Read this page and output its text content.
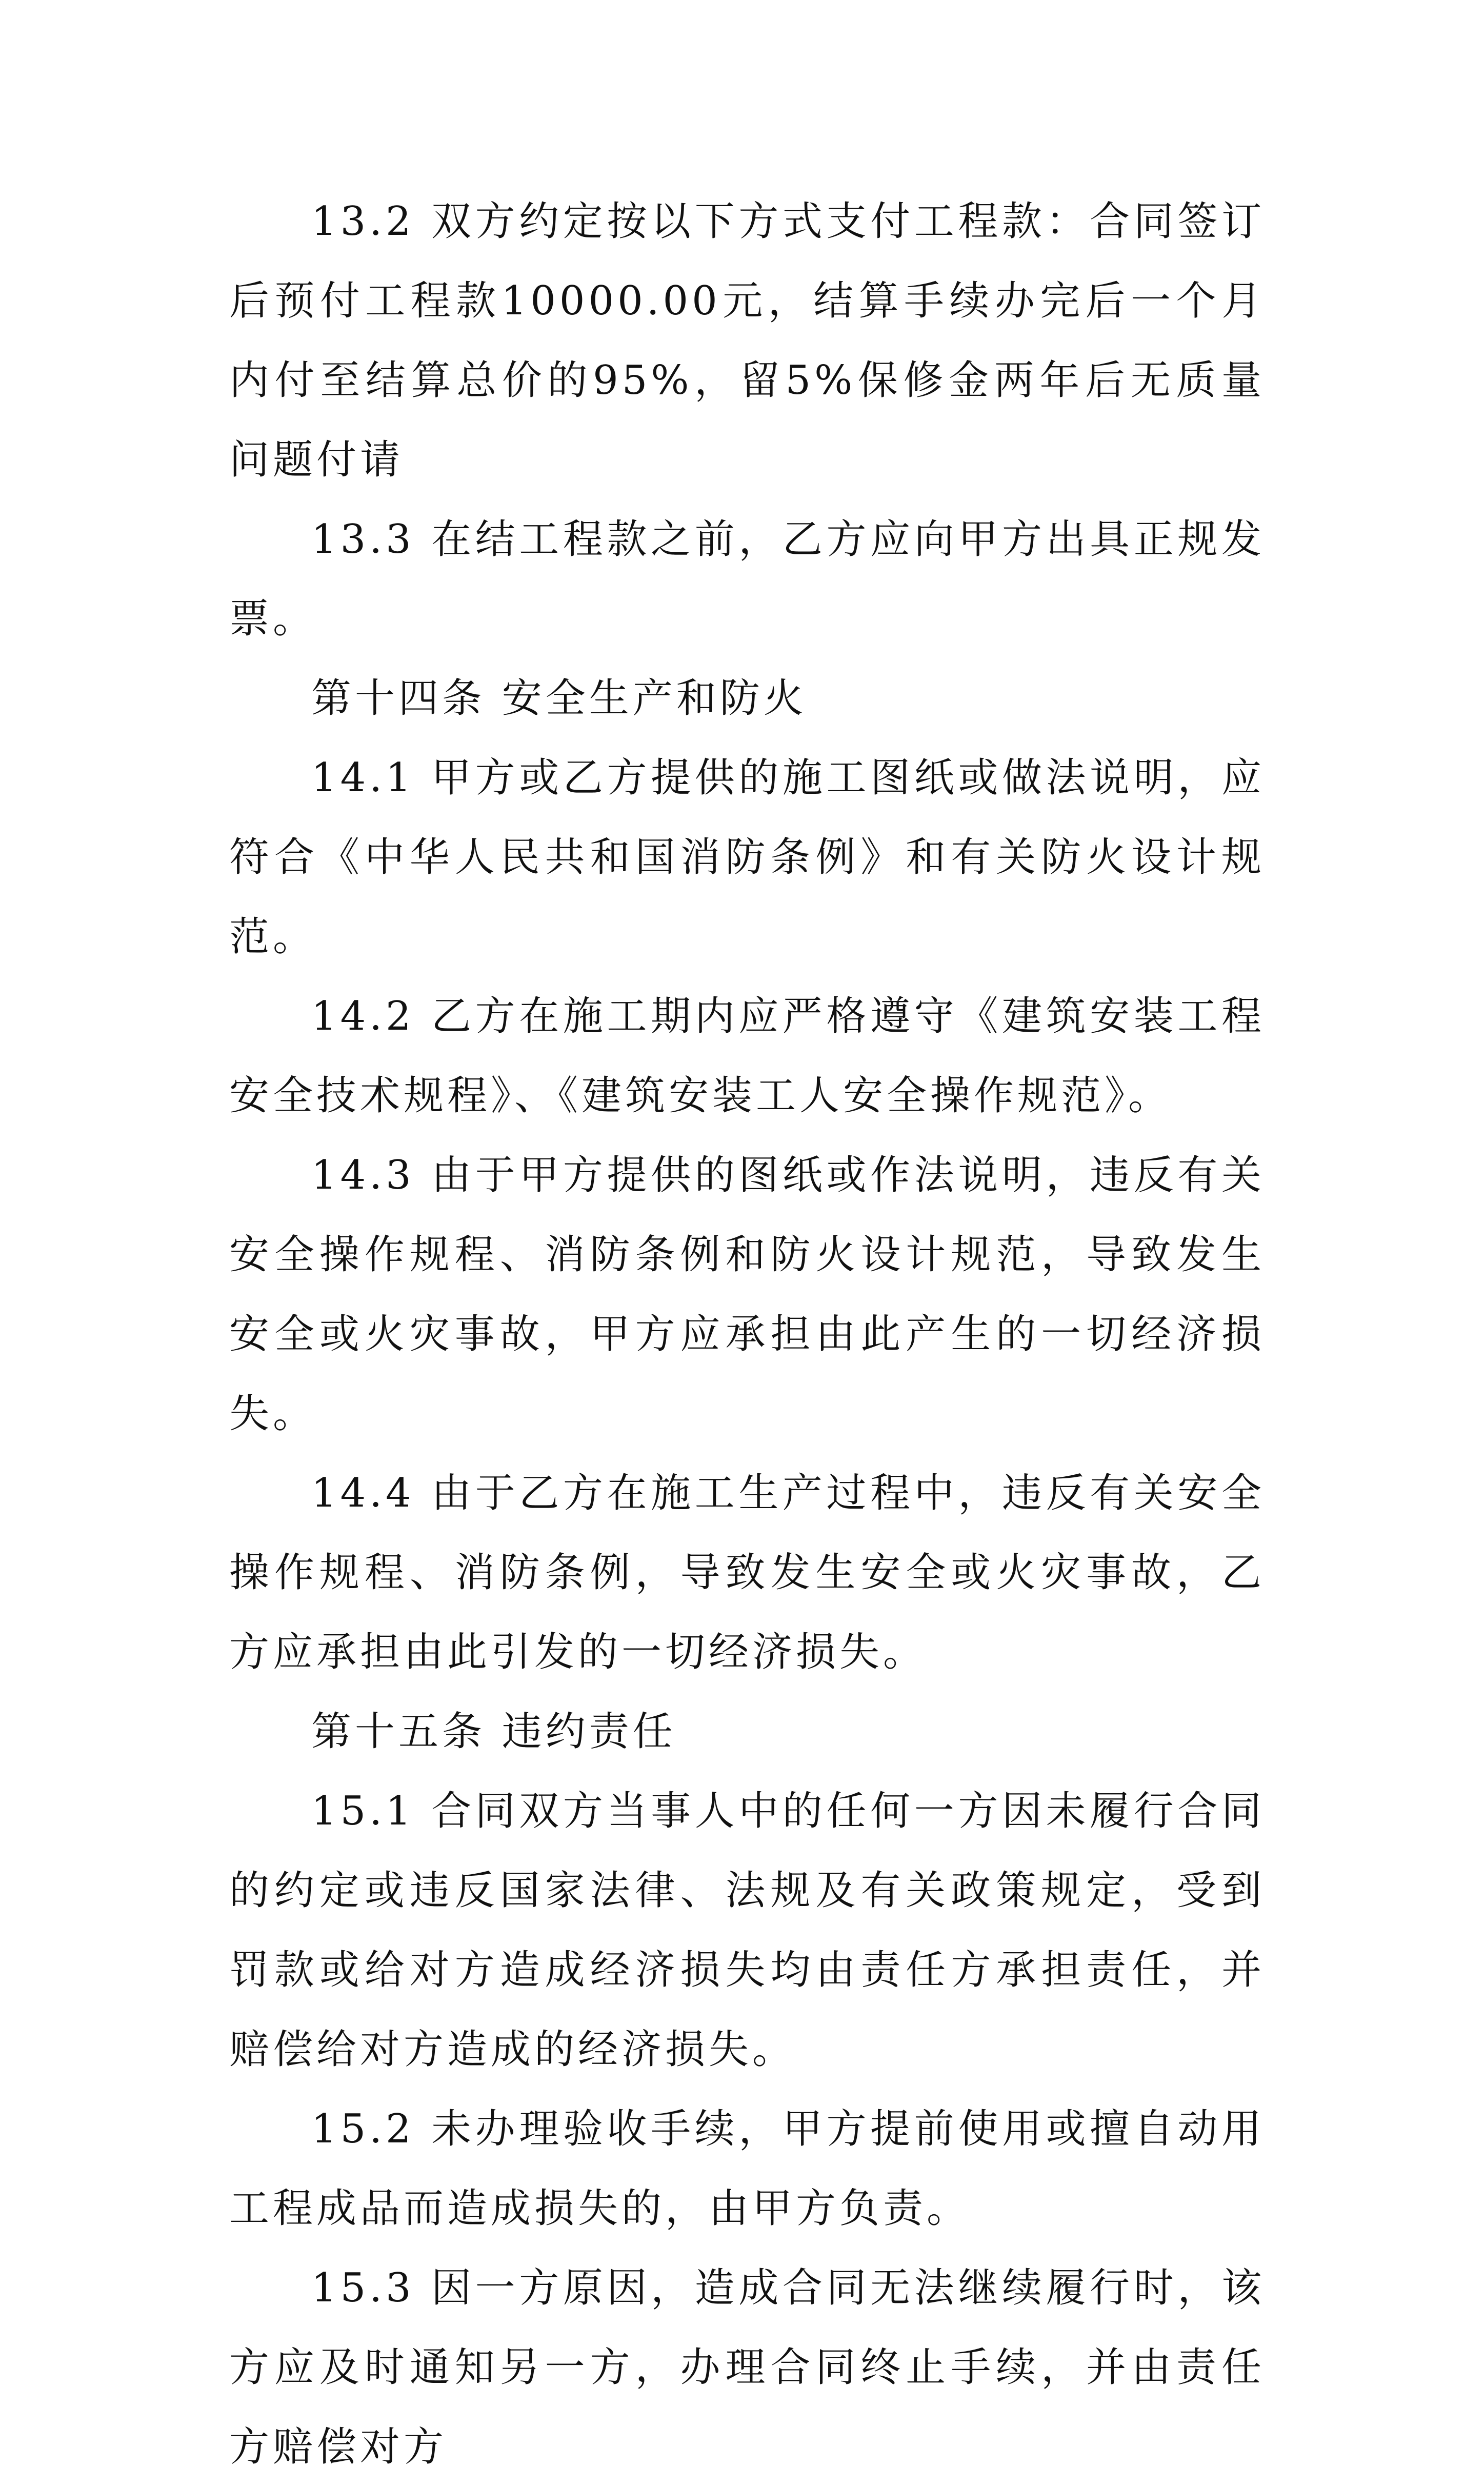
13.2 双方约定按以下方式支付工程款：合同签订后预付工程款10000.00元，结算手续办完后一个月内付至结算总价的95%，留5%保修金两年后无质量问题付请

13.3 在结工程款之前，乙方应向甲方出具正规发票。

第十四条 安全生产和防火

14.1 甲方或乙方提供的施工图纸或做法说明，应符合《中华人民共和国消防条例》和有关防火设计规范。

14.2 乙方在施工期内应严格遵守《建筑安装工程安全技术规程》、《建筑安装工人安全操作规范》。

14.3 由于甲方提供的图纸或作法说明，违反有关安全操作规程、消防条例和防火设计规范，导致发生安全或火灾事故，甲方应承担由此产生的一切经济损失。

14.4 由于乙方在施工生产过程中，违反有关安全操作规程、消防条例，导致发生安全或火灾事故，乙方应承担由此引发的一切经济损失。

第十五条 违约责任

15.1 合同双方当事人中的任何一方因未履行合同的约定或违反国家法律、法规及有关政策规定，受到罚款或给对方造成经济损失均由责任方承担责任，并赔偿给对方造成的经济损失。

15.2 未办理验收手续，甲方提前使用或擅自动用工程成品而造成损失的，由甲方负责。

15.3 因一方原因，造成合同无法继续履行时，该方应及时通知另一方，办理合同终止手续，并由责任方赔偿对方
